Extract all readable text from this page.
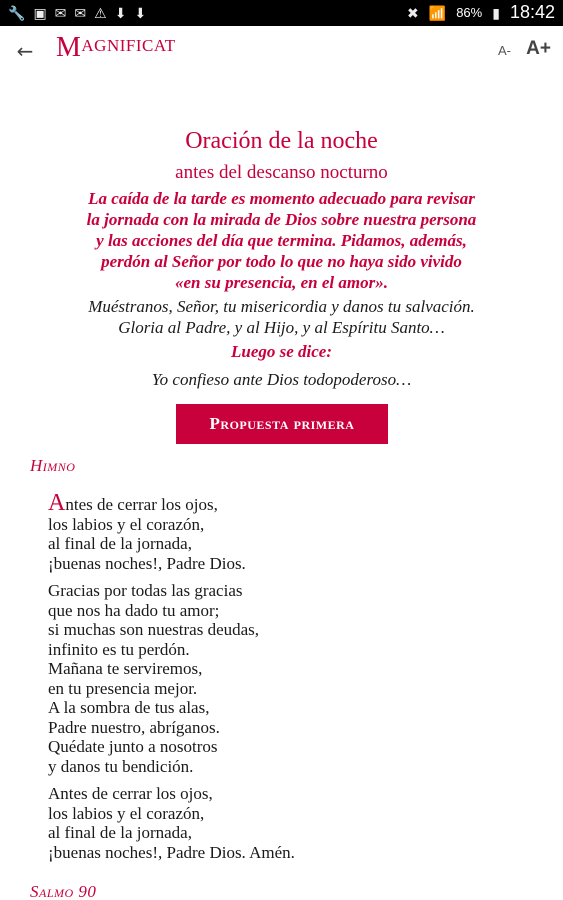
🔧 ▣ ✉ ✉ ⚠ ⬇ ⬇	✖ 📶 86% ▮ 18:42
← MAGNIFICAT	A- A+
Oración de la noche
antes del descanso nocturno
La caída de la tarde es momento adecuado para revisar
la jornada con la mirada de Dios sobre nuestra persona
y las acciones del día que termina. Pidamos, además,
perdón al Señor por todo lo que no haya sido vivido
«en su presencia, en el amor».
Muéstranos, Señor, tu misericordia y danos tu salvación.
Gloria al Padre, y al Hijo, y al Espíritu Santo…
Luego se dice:
Yo confieso ante Dios todopoderoso…
Propuesta primera
Himno
Antes de cerrar los ojos,
los labios y el corazón,
al final de la jornada,
¡buenas noches!, Padre Dios.
Gracias por todas las gracias
que nos ha dado tu amor;
si muchas son nuestras deudas,
infinito es tu perdón.
Mañana te serviremos,
en tu presencia mejor.
A la sombra de tus alas,
Padre nuestro, abríganos.
Quédate junto a nosotros
y danos tu bendición.
Antes de cerrar los ojos,
los labios y el corazón,
al final de la jornada,
¡buenas noches!, Padre Dios. Amén.
Salmo 90
